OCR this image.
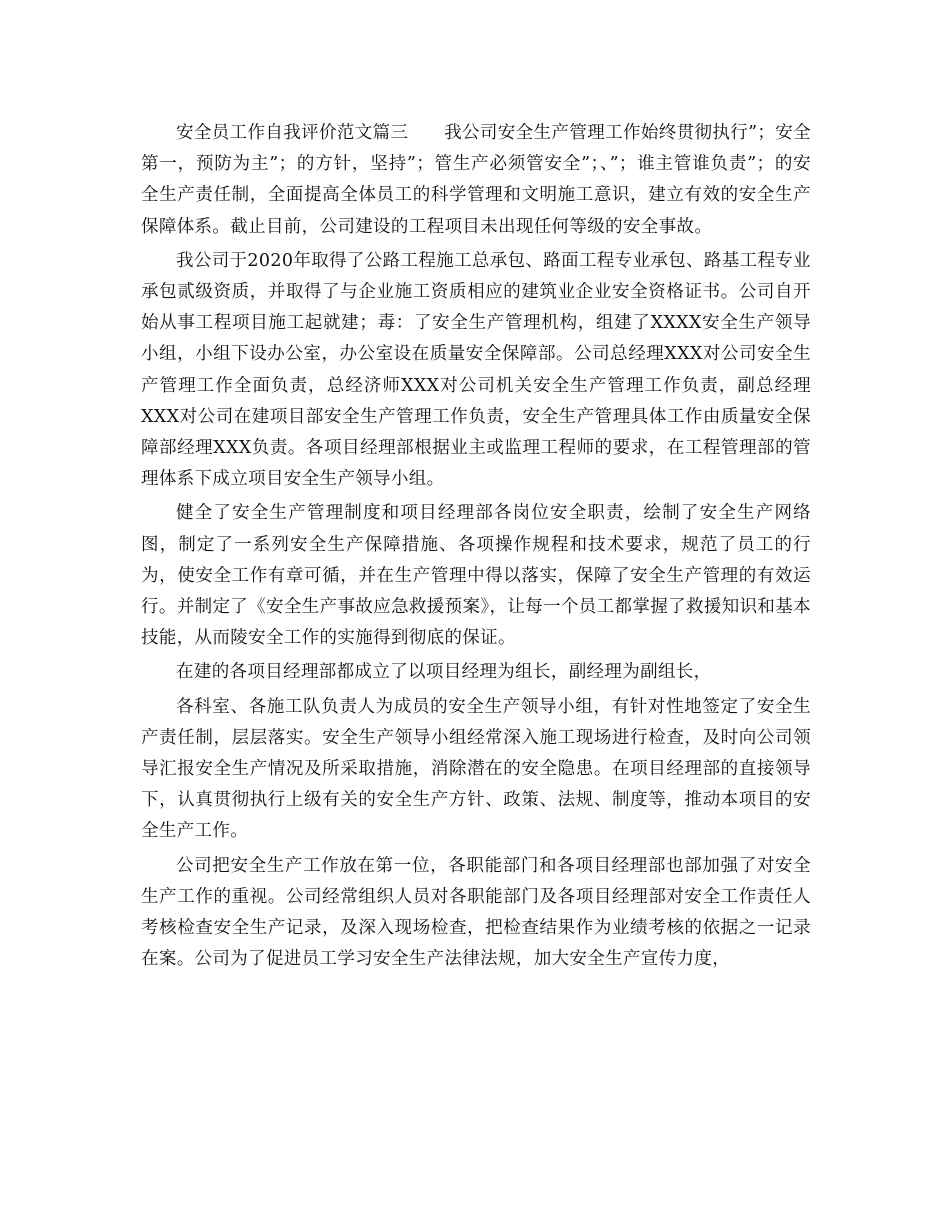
安全员工作自我评价范文篇三　　我公司安全生产管理工作始终贯彻执行”；安全第一，预防为主”；的方针，坚持”；管生产必须管安全”；、”；谁主管谁负责”；的安全生产责任制，全面提高全体员工的科学管理和文明施工意识，建立有效的安全生产保障体系。截止目前，公司建设的工程项目未出现任何等级的安全事故。

我公司于2020年取得了公路工程施工总承包、路面工程专业承包、路基工程专业承包贰级资质，并取得了与企业施工资质相应的建筑业企业安全资格证书。公司自开始从事工程项目施工起就建；毒：了安全生产管理机构，组建了XXXX安全生产领导小组，小组下设办公室，办公室设在质量安全保障部。公司总经理XXX对公司安全生产管理工作全面负责，总经济师XXX对公司机关安全生产管理工作负责，副总经理XXX对公司在建项目部安全生产管理工作负责，安全生产管理具体工作由质量安全保障部经理XXX负责。各项目经理部根据业主或监理工程师的要求，在工程管理部的管理体系下成立项目安全生产领导小组。

健全了安全生产管理制度和项目经理部各岗位安全职责，绘制了安全生产网络图，制定了一系列安全生产保障措施、各项操作规程和技术要求，规范了员工的行为，使安全工作有章可循，并在生产管理中得以落实，保障了安全生产管理的有效运行。并制定了《安全生产事故应急救援预案》，让每一个员工都掌握了救援知识和基本技能，从而陵安全工作的实施得到彻底的保证。

在建的各项目经理部都成立了以项目经理为组长，副经理为副组长，

各科室、各施工队负责人为成员的安全生产领导小组，有针对性地签定了安全生产责任制，层层落实。安全生产领导小组经常深入施工现场进行检查，及时向公司领导汇报安全生产情况及所采取措施，消除潜在的安全隐患。在项目经理部的直接领导下，认真贯彻执行上级有关的安全生产方针、政策、法规、制度等，推动本项目的安全生产工作。

公司把安全生产工作放在第一位，各职能部门和各项目经理部也部加强了对安全生产工作的重视。公司经常组织人员对各职能部门及各项目经理部对安全工作责任人考核检查安全生产记录，及深入现场检查，把检查结果作为业绩考核的依据之一记录在案。公司为了促进员工学习安全生产法律法规，加大安全生产宣传力度，
